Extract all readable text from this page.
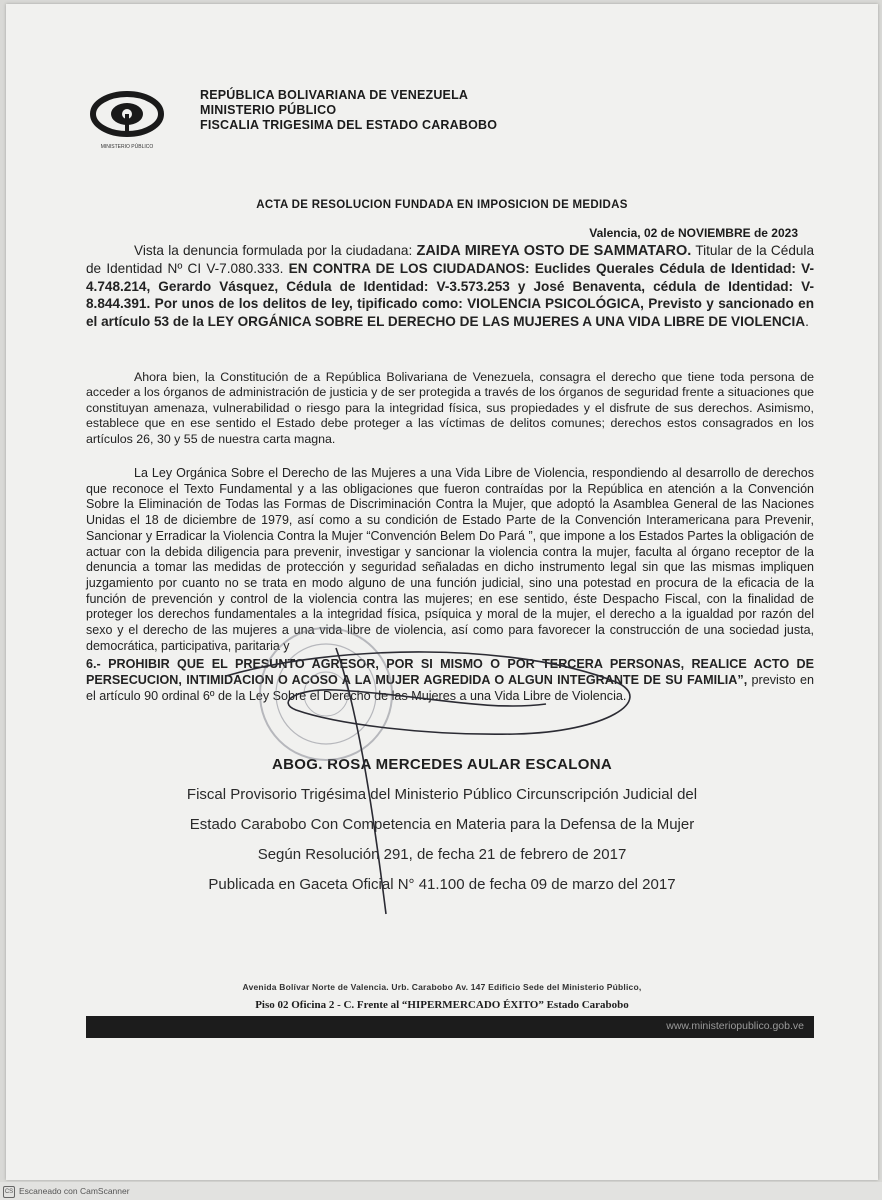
MINISTERIO PÚBLICO
REPÚBLICA BOLIVARIANA DE VENEZUELA
MINISTERIO PÚBLICO
FISCALIA TRIGESIMA DEL ESTADO CARABOBO
ACTA DE RESOLUCION FUNDADA EN IMPOSICION DE MEDIDAS
Valencia, 02 de NOVIEMBRE de 2023
Vista la denuncia formulada por la ciudadana: ZAIDA MIREYA OSTO DE SAMMATARO. Titular de la Cédula de Identidad Nº CI V-7.080.333. EN CONTRA DE LOS CIUDADANOS: Euclides Querales Cédula de Identidad: V-4.748.214, Gerardo Vásquez, Cédula de Identidad: V-3.573.253 y José Benaventa, cédula de Identidad: V-8.844.391. Por unos de los delitos de ley, tipificado como: VIOLENCIA PSICOLÓGICA, Previsto y sancionado en el artículo 53 de la LEY ORGÁNICA SOBRE EL DERECHO DE LAS MUJERES A UNA VIDA LIBRE DE VIOLENCIA.
Ahora bien, la Constitución de a República Bolivariana de Venezuela, consagra el derecho que tiene toda persona de acceder a los órganos de administración de justicia y de ser protegida a través de los órganos de seguridad frente a situaciones que constituyan amenaza, vulnerabilidad o riesgo para la integridad física, sus propiedades y el disfrute de sus derechos. Asimismo, establece que en ese sentido el Estado debe proteger a las víctimas de delitos comunes; derechos estos consagrados en los artículos 26, 30 y 55 de nuestra carta magna.
La Ley Orgánica Sobre el Derecho de las Mujeres a una Vida Libre de Violencia, respondiendo al desarrollo de derechos que reconoce el Texto Fundamental y a las obligaciones que fueron contraídas por la República en atención a la Convención Sobre la Eliminación de Todas las Formas de Discriminación Contra la Mujer, que adoptó la Asamblea General de las Naciones Unidas el 18 de diciembre de 1979, así como a su condición de Estado Parte de la Convención Interamericana para Prevenir, Sancionar y Erradicar la Violencia Contra la Mujer “Convención Belem Do Pará ”, que impone a los Estados Partes la obligación de actuar con la debida diligencia para prevenir, investigar y sancionar la violencia contra la mujer, faculta al órgano receptor de la denuncia a tomar las medidas de protección y seguridad señaladas en dicho instrumento legal sin que las mismas impliquen juzgamiento por cuanto no se trata en modo alguno de una función judicial, sino una potestad en procura de la eficacia de la función de prevención y control de la violencia contra las mujeres; en ese sentido, éste Despacho Fiscal, con la finalidad de proteger los derechos fundamentales a la integridad física, psíquica y moral de la mujer, el derecho a la igualdad por razón del sexo y el derecho de las mujeres a una vida libre de violencia, así como para favorecer la construcción de una sociedad justa, democrática, participativa, paritaria y
6.- PROHIBIR QUE EL PRESUNTO AGRESOR, POR SI MISMO O POR TERCERA PERSONAS, REALICE ACTO DE PERSECUCION, INTIMIDACION O ACOSO A LA MUJER AGREDIDA O ALGUN INTEGRANTE DE SU FAMILIA”, previsto en el artículo 90 ordinal 6º de la Ley Sobre el Derecho de las Mujeres a una Vida Libre de Violencia.
ABOG. ROSA MERCEDES AULAR ESCALONA
Fiscal Provisorio Trigésima del Ministerio Público Circunscripción Judicial del
Estado Carabobo Con Competencia en Materia para la Defensa de la Mujer
Según Resolución 291, de fecha 21 de febrero de 2017
Publicada en Gaceta Oficial N° 41.100 de fecha 09 de marzo del 2017
Avenida Bolívar Norte de Valencia. Urb. Carabobo Av. 147 Edificio Sede del Ministerio Público,
Piso 02 Oficina 2 - C. Frente al “HIPERMERCADO ÉXITO” Estado Carabobo
www.ministeriopublico.gob.ve
CS Escaneado con CamScanner
